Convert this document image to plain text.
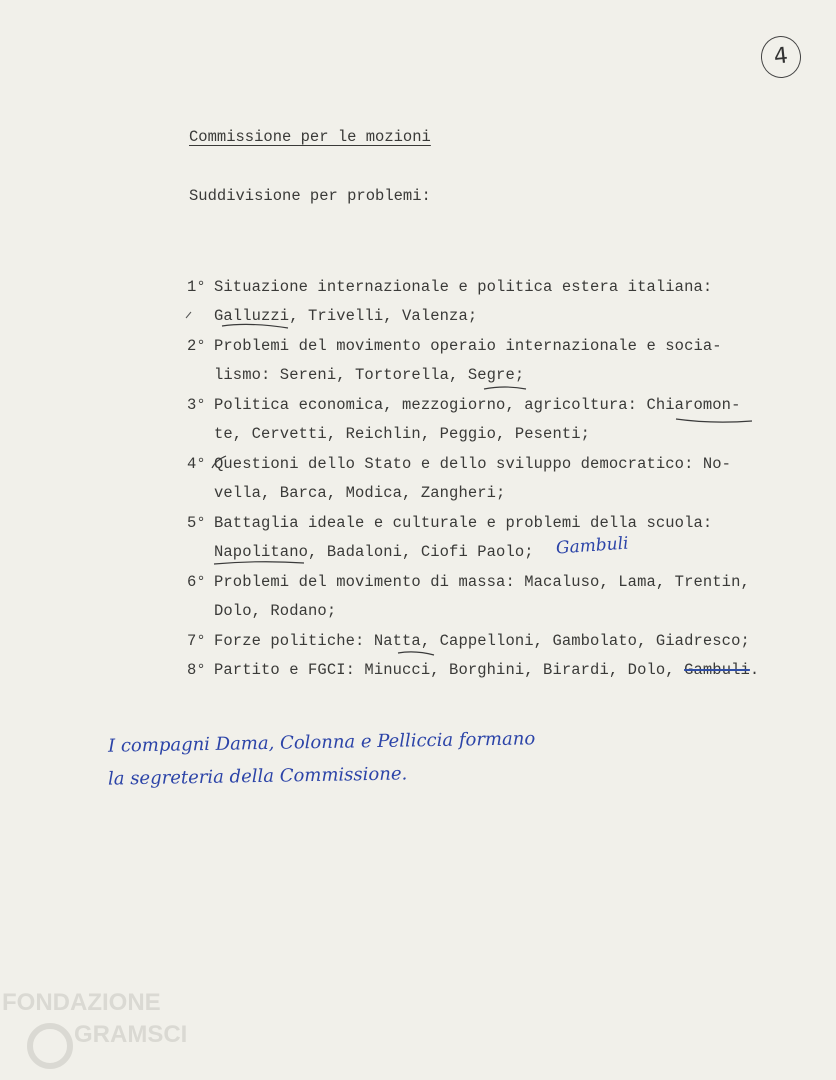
4
Commissione per le mozioni
Suddivisione per problemi:
1° Situazione internazionale e politica estera italiana:
Galluzzi, Trivelli, Valenza;
2° Problemi del movimento operaio internazionale e socia-
lismo: Sereni, Tortorella, Segre;
3° Politica economica, mezzogiorno, agricoltura: Chiaromon-
te, Cervetti, Reichlin, Peggio, Pesenti;
4° Questioni dello Stato e dello sviluppo democratico: No-
vella, Barca, Modica, Zangheri;
5° Battaglia ideale e culturale e problemi della scuola:
Napolitano, Badaloni, Ciofi Paolo; Gambuli
6° Problemi del movimento di massa: Macaluso, Lama, Trentin,
Dolo, Rodano;
7° Forze politiche: Natta, Cappelloni, Gambolato, Giadresco;
8° Partito e FGCI: Minucci, Borghini, Birardi, Dolo, Gambuli.
I compagni Dama, Colonna e Pelliccia formano
la segreteria della Commissione.
FONDAZIONE
GRAMSCI
